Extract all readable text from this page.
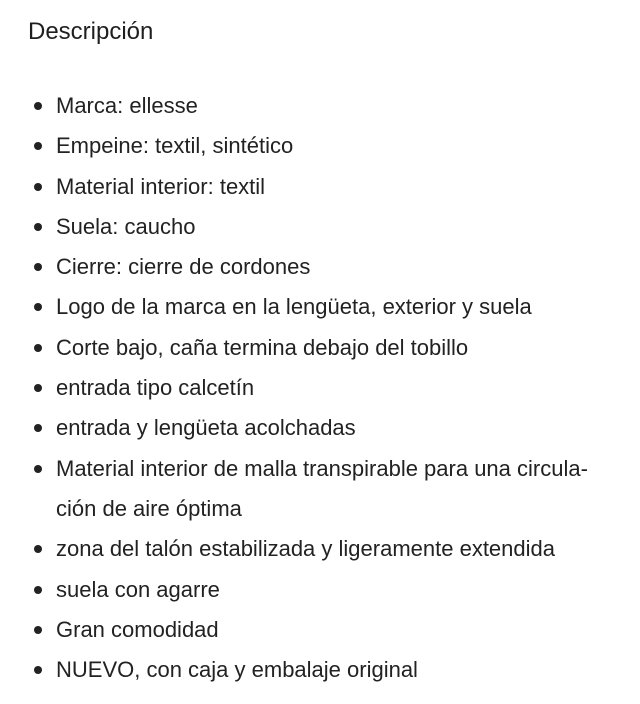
Descripción
Marca: ellesse
Empeine: textil, sintético
Material interior: textil
Suela: caucho
Cierre: cierre de cordones
Logo de la marca en la lengüeta, exterior y suela
Corte bajo, caña termina debajo del tobillo
entrada tipo calcetín
entrada y lengüeta acolchadas
Material interior de malla transpirable para una circula-
ción de aire óptima
zona del talón estabilizada y ligeramente extendida
suela con agarre
Gran comodidad
NUEVO, con caja y embalaje original
